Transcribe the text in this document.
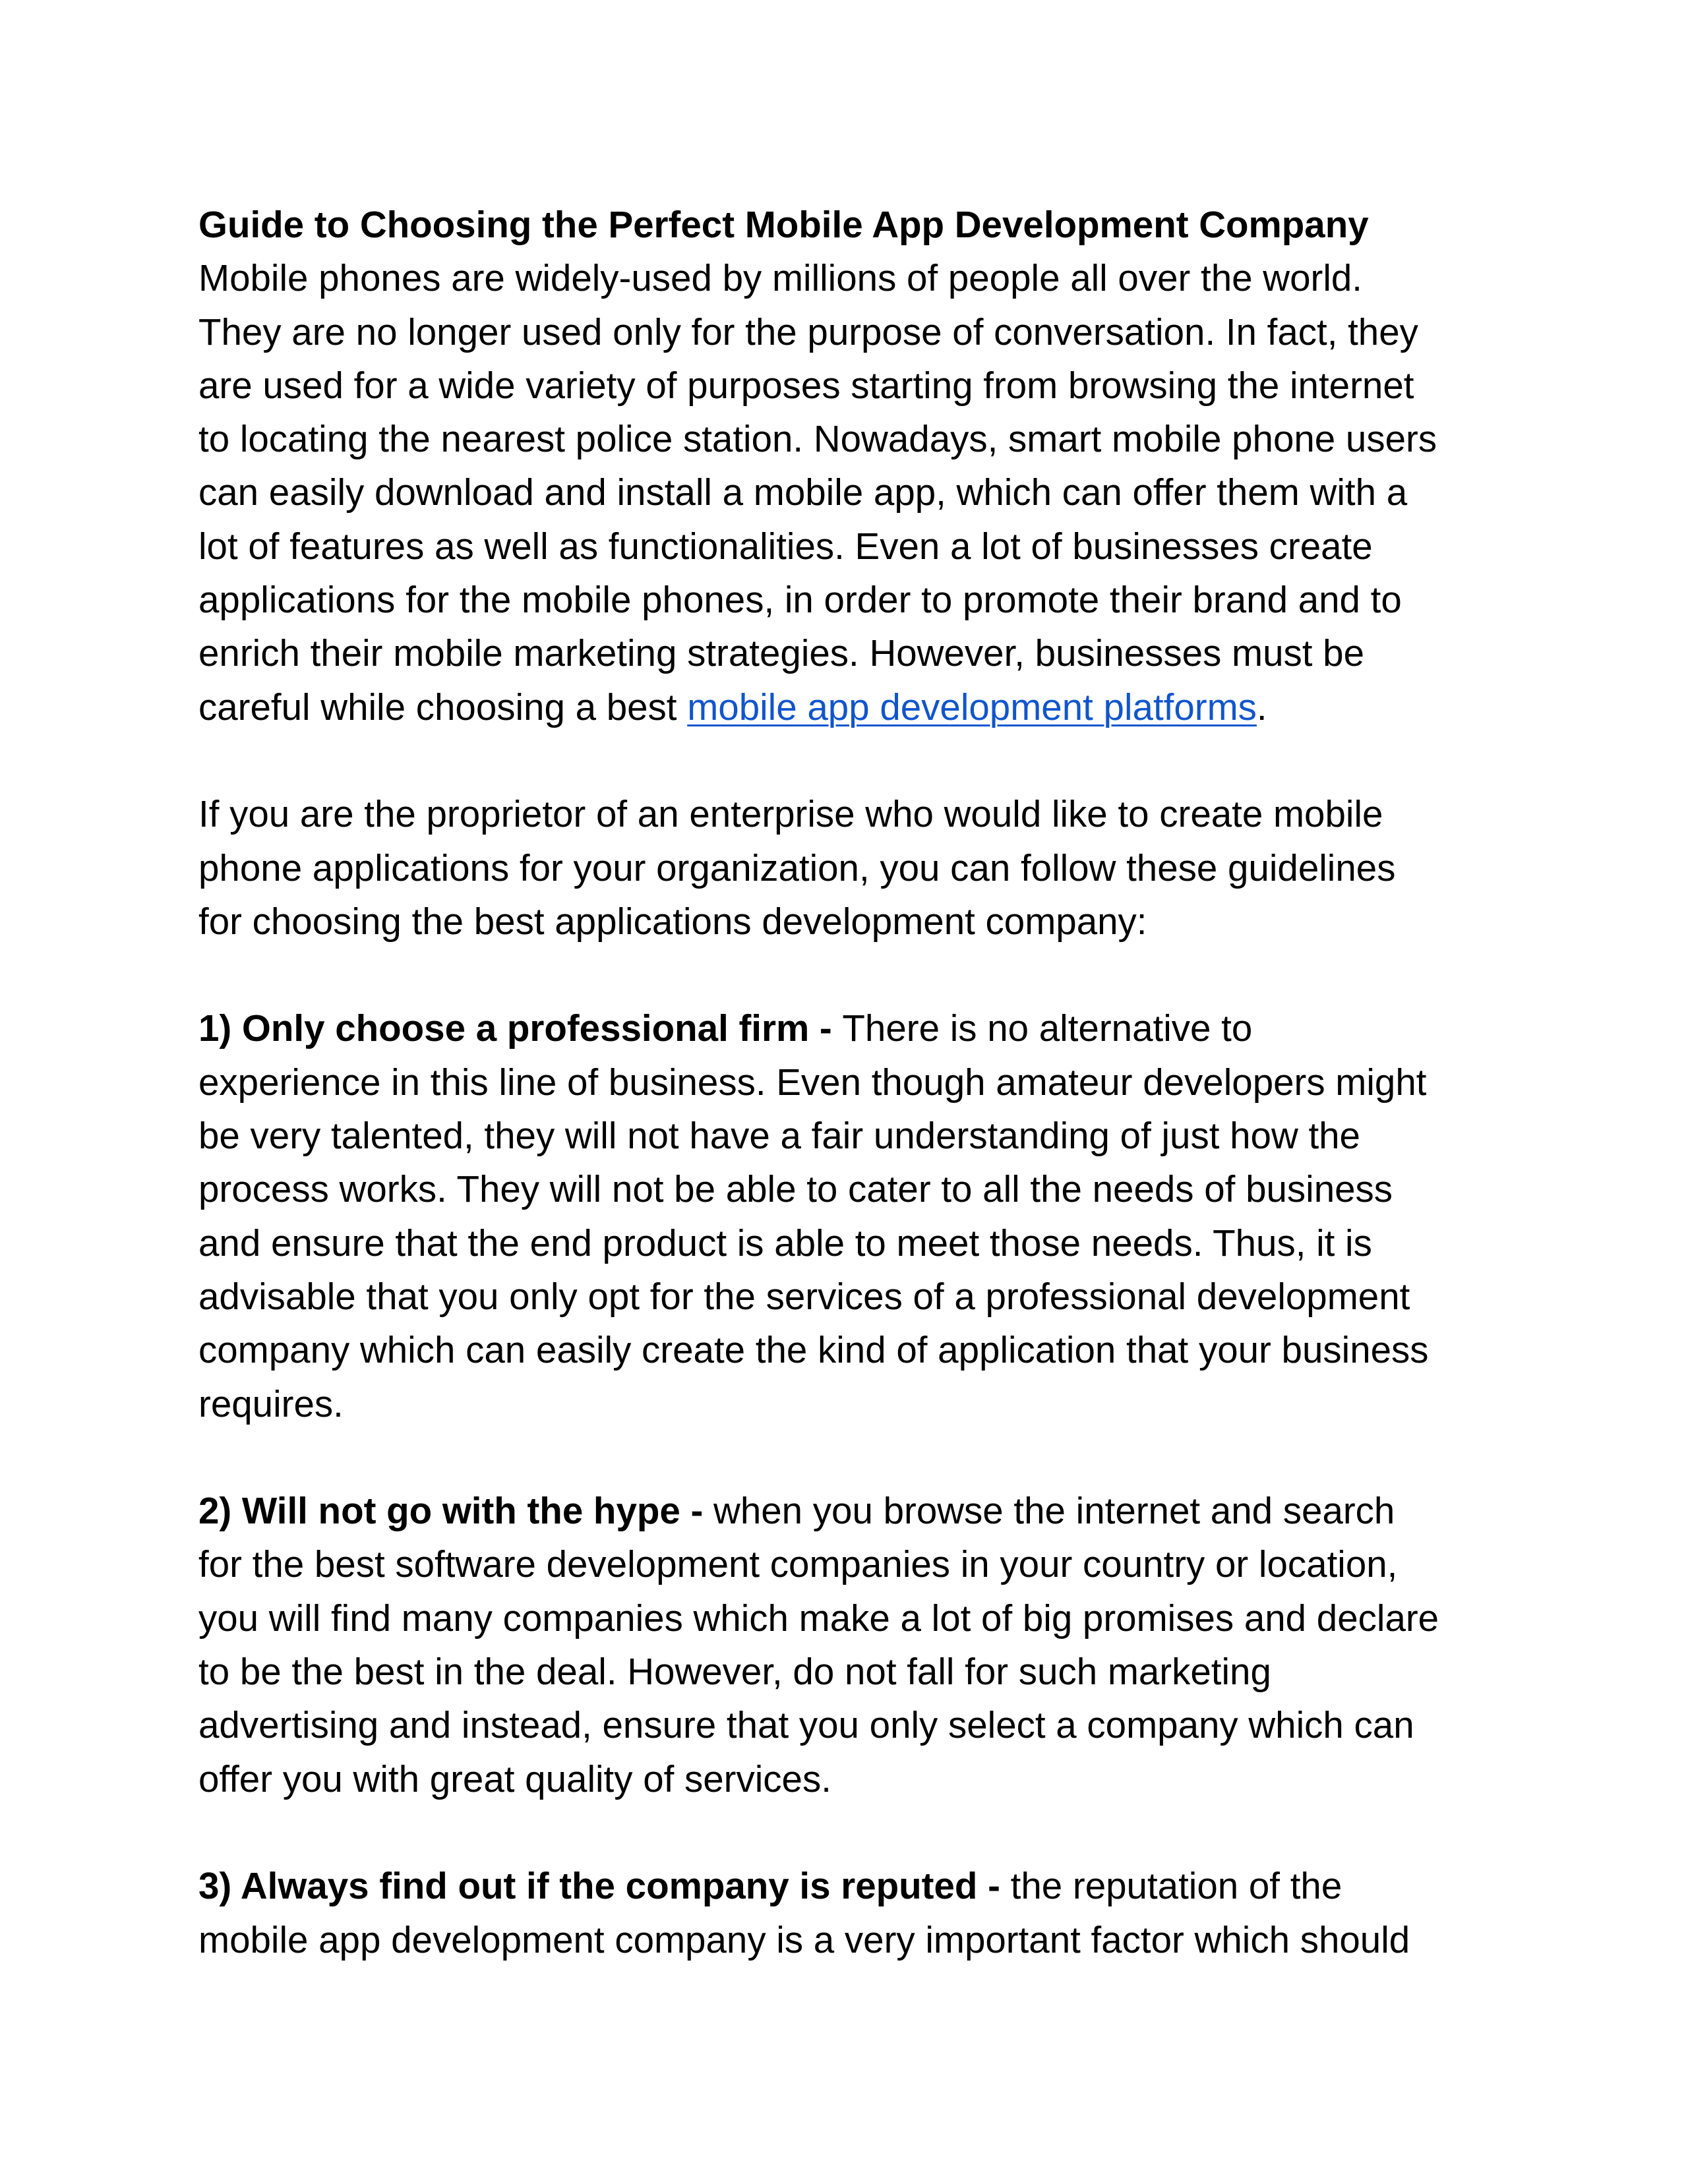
Guide to Choosing the Perfect Mobile App Development Company
Mobile phones are widely-used by millions of people all over the world.
They are no longer used only for the purpose of conversation. In fact, they
are used for a wide variety of purposes starting from browsing the internet
to locating the nearest police station. Nowadays, smart mobile phone users
can easily download and install a mobile app, which can offer them with a
lot of features as well as functionalities. Even a lot of businesses create
applications for the mobile phones, in order to promote their brand and to
enrich their mobile marketing strategies. However, businesses must be
careful while choosing a best mobile app development platforms.
If you are the proprietor of an enterprise who would like to create mobile
phone applications for your organization, you can follow these guidelines
for choosing the best applications development company:
1) Only choose a professional firm - There is no alternative to
experience in this line of business. Even though amateur developers might
be very talented, they will not have a fair understanding of just how the
process works. They will not be able to cater to all the needs of business
and ensure that the end product is able to meet those needs. Thus, it is
advisable that you only opt for the services of a professional development
company which can easily create the kind of application that your business
requires.
2) Will not go with the hype - when you browse the internet and search
for the best software development companies in your country or location,
you will find many companies which make a lot of big promises and declare
to be the best in the deal. However, do not fall for such marketing
advertising and instead, ensure that you only select a company which can
offer you with great quality of services.
3) Always find out if the company is reputed - the reputation of the
mobile app development company is a very important factor which should
